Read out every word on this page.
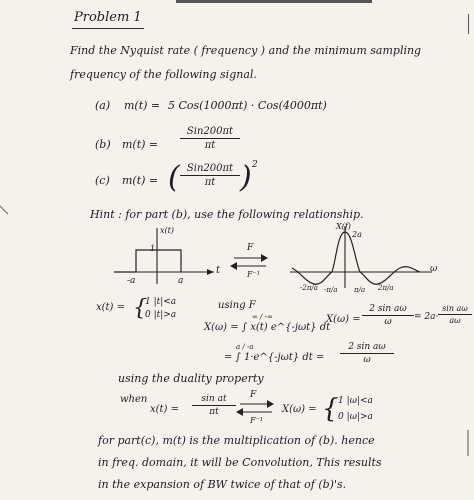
Problem 1
Find the Nyquist rate ( frequency ) and the minimum sampling
frequency of the following signal.
(a) m(t) = 5 Cos(1000πt) · Cos(4000πt)
(b) m(t) =
Sin200πt
πt
(c) m(t) = ( Sin200πt
πt ) 2
Hint : for part (b), use the following relationship.
x(t)
1
t
-a	a
F
F⁻¹
X(f)
2a
ω
-2π/a -π/a π/a 2π/a
x(t) = {
1 |t|<a
0 |t|>a
using F
X(ω) = ∫ x(t) e^{-jωt} dt
∞ / -∞
= ∫ 1·e^{-jωt} dt =
a / -a	2 sin aω
ω
X(ω) =
2 sin aω
ω	= 2a·
sin aω
aω
using the duality property
when
x(t) =
sin at
πt
F
F⁻¹
X(ω) = { 1 |ω|<a
0 |ω|>a
for part(c), m(t) is the multiplication of (b). hence
in freq. domain, it will be Convolution, This results
in the expansion of BW twice of that of (b)'s.
